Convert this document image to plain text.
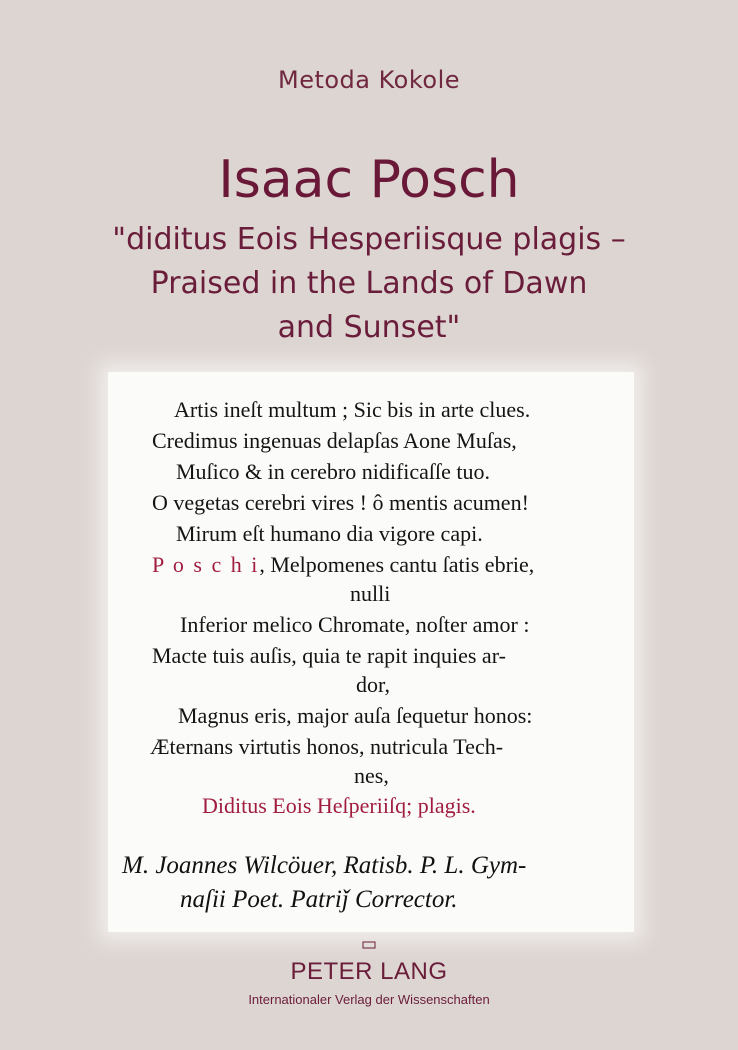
Metoda Kokole
Isaac Posch
"diditus Eois Hesperiisque plagis –
Praised in the Lands of Dawn
and Sunset"
Artis ineſt multum ; Sic bis in arte clues.
Credimus ingenuas delapſas Aone Muſas,
Muſico & in cerebro nidificaſſe tuo.
O vegetas cerebri vires ! ô mentis acumen!
Mirum eſt humano dia vigore capi.
P o s c h i, Melpomenes cantu ſatis ebrie,
nulli
Inferior melico Chromate, noſter amor :
Macte tuis auſis, quia te rapit inquies ar-
dor,
Magnus eris, major auſa ſequetur honos:
Æternans virtutis honos, nutricula Tech-
nes,
Diditus Eois Heſperiiſq; plagis.
M. Joannes Wilcöuer, Ratisb. P. L. Gym-
naſii Poet. Patriǰ Corrector.
PETER LANG
Internationaler Verlag der Wissenschaften
